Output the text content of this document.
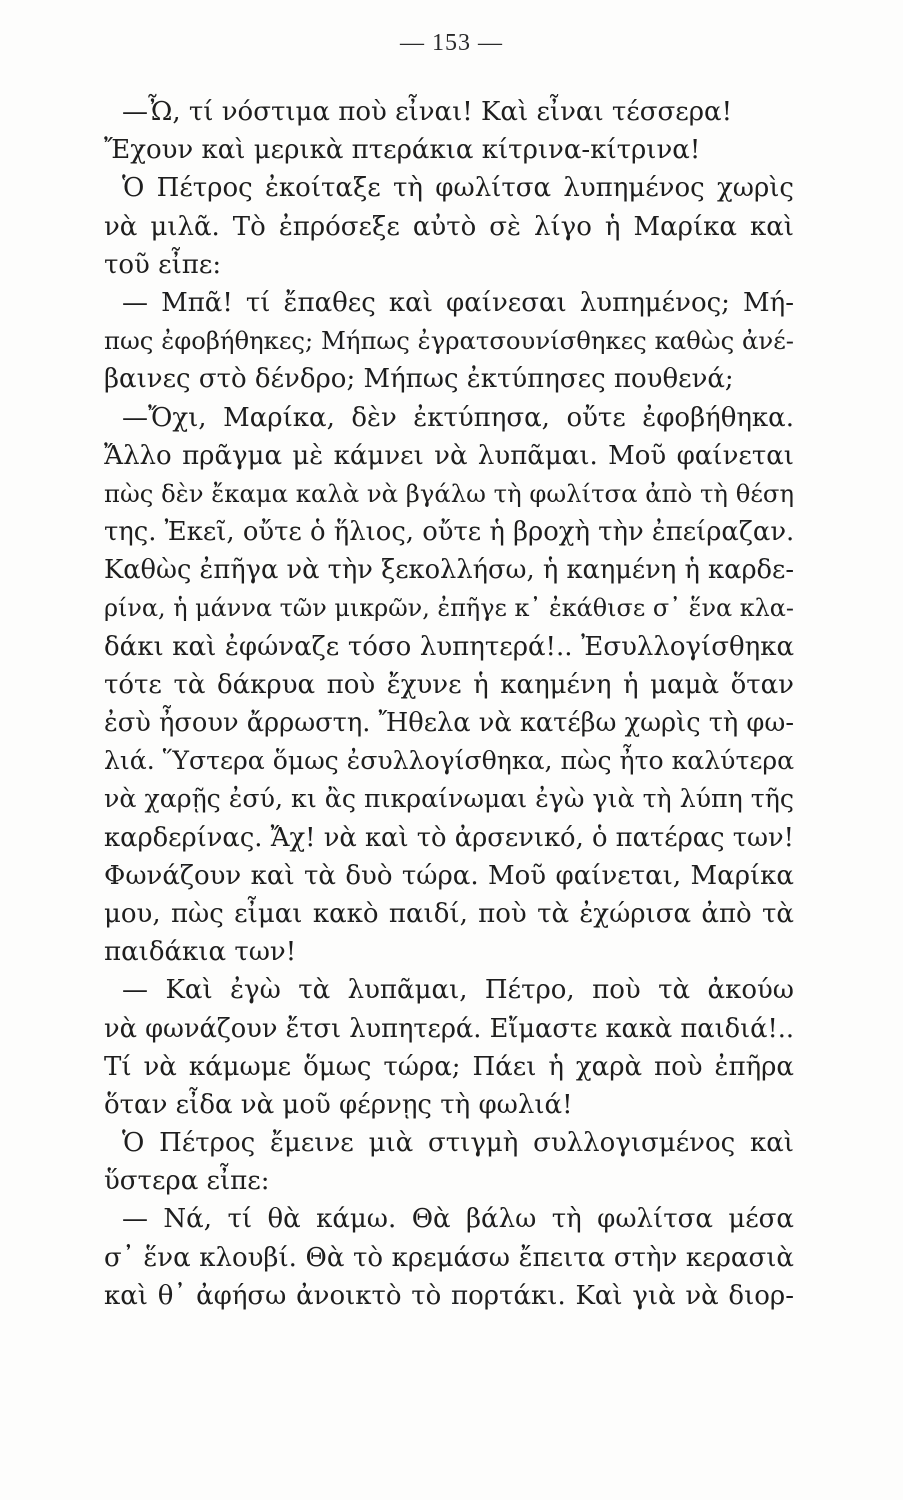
— 153 —
—Ὦ, τί νόστιμα ποὺ εἶναι! Καὶ εἶναι τέσσερα!
Ἔχουν καὶ μερικὰ πτεράκια κίτρινα-κίτρινα!
Ὁ Πέτρος ἐκοίταξε τὴ φωλίτσα λυπημένος χωρὶς
νὰ μιλᾶ. Τὸ ἐπρόσεξε αὐτὸ σὲ λίγο ἡ Μαρίκα καὶ
τοῦ εἶπε:
— Μπᾶ! τί ἔπαθες καὶ φαίνεσαι λυπημένος; Μή-
πως ἐφοβήθηκες; Μήπως ἐγρατσουνίσθηκες καθὼς ἀνέ-
βαινες στὸ δένδρο; Μήπως ἐκτύπησες πουθενά;
—Ὄχι, Μαρίκα, δὲν ἐκτύπησα, οὔτε ἐφοβήθηκα.
Ἄλλο πρᾶγμα μὲ κάμνει νὰ λυπᾶμαι. Μοῦ φαίνεται
πὼς δὲν ἔκαμα καλὰ νὰ βγάλω τὴ φωλίτσα ἀπὸ τὴ θέση
της. Ἐκεῖ, οὔτε ὁ ἥλιος, οὔτε ἡ βροχὴ τὴν ἐπείραζαν.
Καθὼς ἐπῆγα νὰ τὴν ξεκολλήσω, ἡ καημένη ἡ καρδε-
ρίνα, ἡ μάννα τῶν μικρῶν, ἐπῆγε κ᾿ ἐκάθισε σ᾿ ἕνα κλα-
δάκι καὶ ἐφώναζε τόσο λυπητερά!.. Ἐσυλλογίσθηκα
τότε τὰ δάκρυα ποὺ ἔχυνε ἡ καημένη ἡ μαμὰ ὅταν
ἐσὺ ἦσουν ἄρρωστη. Ἤθελα νὰ κατέβω χωρὶς τὴ φω-
λιά. Ὕστερα ὅμως ἐσυλλογίσθηκα, πὼς ἦτο καλύτερα
νὰ χαρῇς ἐσύ, κι ἂς πικραίνωμαι ἐγὼ γιὰ τὴ λύπη τῆς
καρδερίνας. Ἄχ! νὰ καὶ τὸ ἀρσενικό, ὁ πατέρας των!
Φωνάζουν καὶ τὰ δυὸ τώρα. Μοῦ φαίνεται, Μαρίκα
μου, πὼς εἶμαι κακὸ παιδί, ποὺ τὰ ἐχώρισα ἀπὸ τὰ
παιδάκια των!
— Καὶ ἐγὼ τὰ λυπᾶμαι, Πέτρο, ποὺ τὰ ἀκούω
νὰ φωνάζουν ἔτσι λυπητερά. Εἴμαστε κακὰ παιδιά!..
Τί νὰ κάμωμε ὅμως τώρα; Πάει ἡ χαρὰ ποὺ ἐπῆρα
ὅταν εἶδα νὰ μοῦ φέρνῃς τὴ φωλιά!
Ὁ Πέτρος ἔμεινε μιὰ στιγμὴ συλλογισμένος καὶ
ὕστερα εἶπε:
— Νά, τί θὰ κάμω. Θὰ βάλω τὴ φωλίτσα μέσα
σ᾿ ἕνα κλουβί. Θὰ τὸ κρεμάσω ἔπειτα στὴν κερασιὰ
καὶ θ᾿ ἀφήσω ἀνοικτὸ τὸ πορτάκι. Καὶ γιὰ νὰ διορ-
